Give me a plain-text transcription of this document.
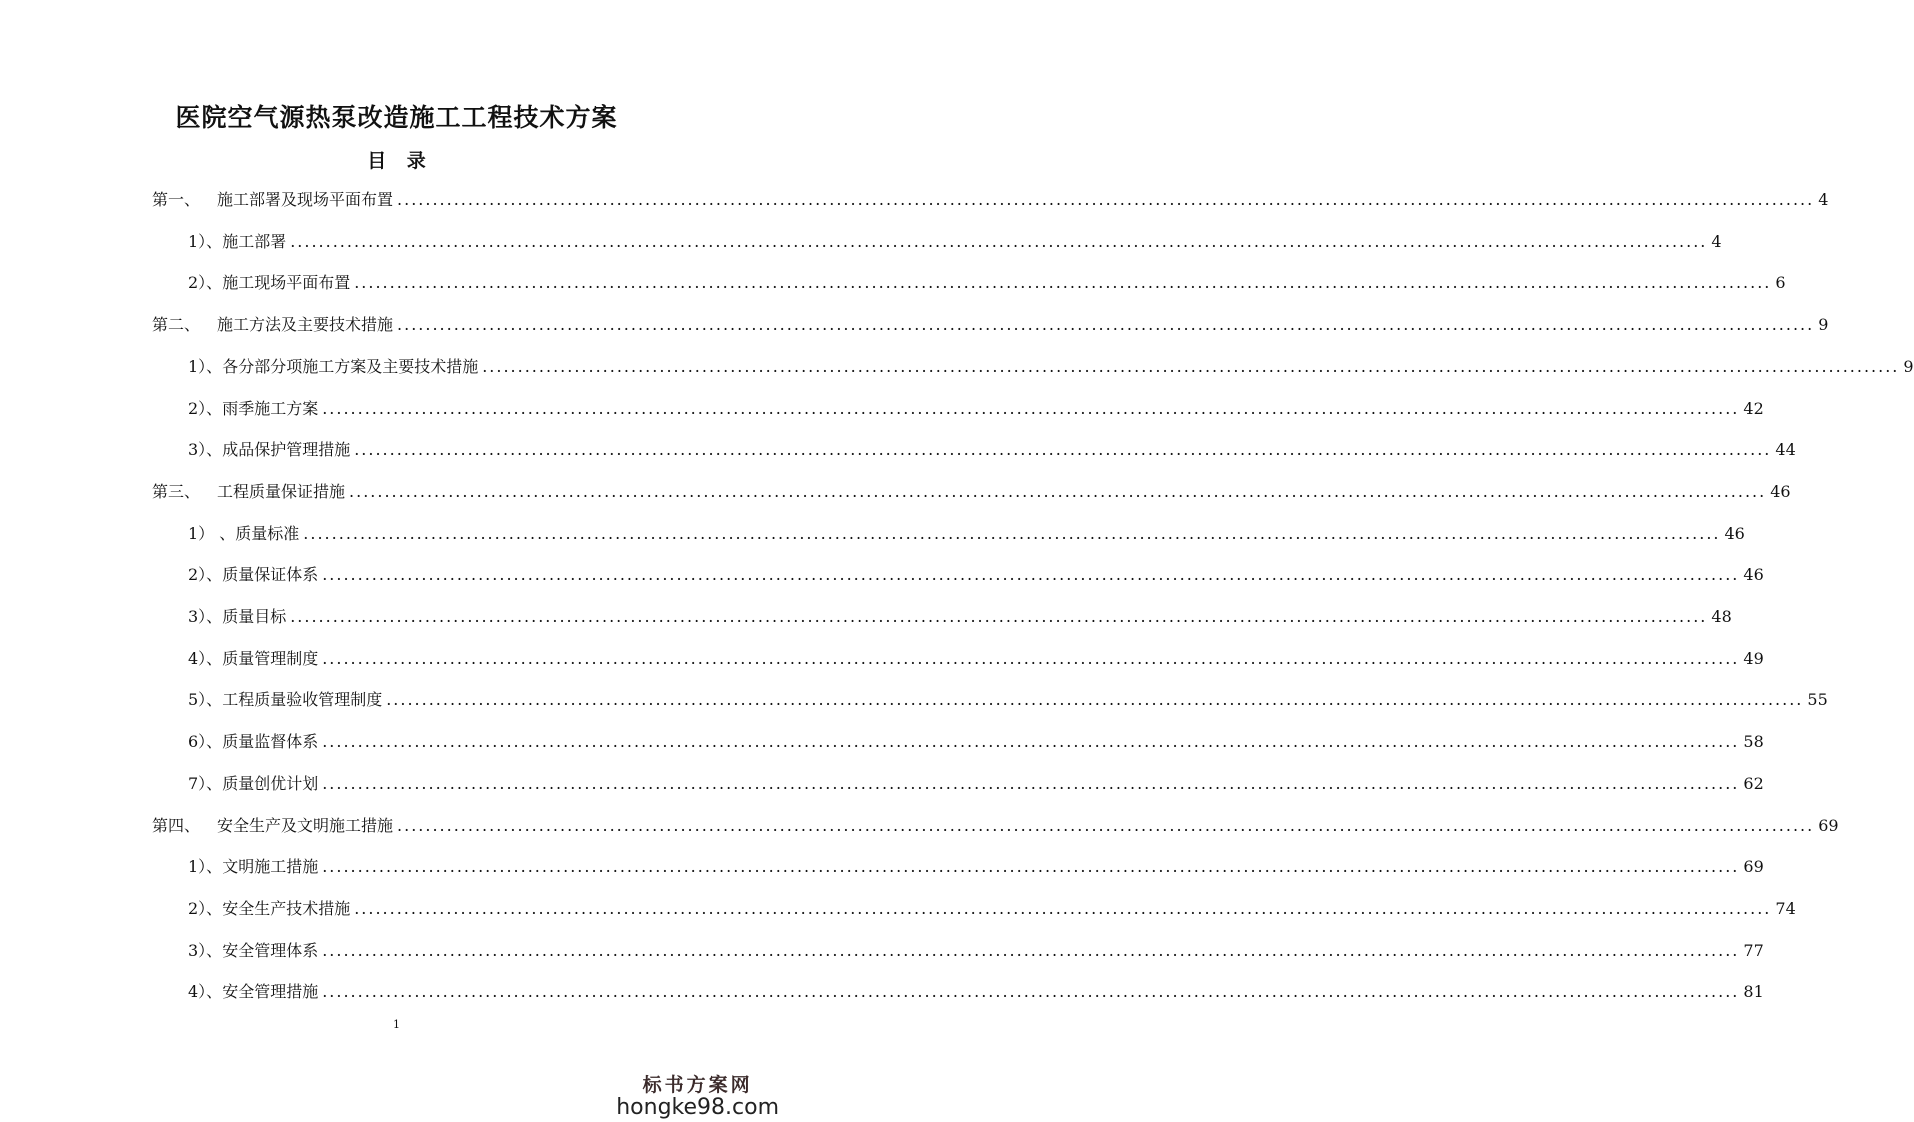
医院空气源热泵改造施工工程技术方案
目 录
第一、 施工部署及现场平面布置 ........................................................................................................................................................................................................ 4
1）、施工部署 ........................................................................................................................................................................................................ 4
2）、施工现场平面布置 ........................................................................................................................................................................................................ 6
第二、 施工方法及主要技术措施 ........................................................................................................................................................................................................ 9
1）、各分部分项施工方案及主要技术措施 ........................................................................................................................................................................................................ 9
2）、雨季施工方案 ........................................................................................................................................................................................................ 42
3）、成品保护管理措施 ........................................................................................................................................................................................................ 44
第三、 工程质量保证措施 ........................................................................................................................................................................................................ 46
1） 、质量标准 ........................................................................................................................................................................................................ 46
2）、质量保证体系 ........................................................................................................................................................................................................ 46
3）、质量目标 ........................................................................................................................................................................................................ 48
4）、质量管理制度 ........................................................................................................................................................................................................ 49
5）、工程质量验收管理制度 ........................................................................................................................................................................................................ 55
6）、质量监督体系 ........................................................................................................................................................................................................ 58
7）、质量创优计划 ........................................................................................................................................................................................................ 62
第四、 安全生产及文明施工措施 ........................................................................................................................................................................................................ 69
1）、文明施工措施 ........................................................................................................................................................................................................ 69
2）、安全生产技术措施 ........................................................................................................................................................................................................ 74
3）、安全管理体系 ........................................................................................................................................................................................................ 77
4）、安全管理措施 ........................................................................................................................................................................................................ 81
1
标书方案网
hongke98.com
